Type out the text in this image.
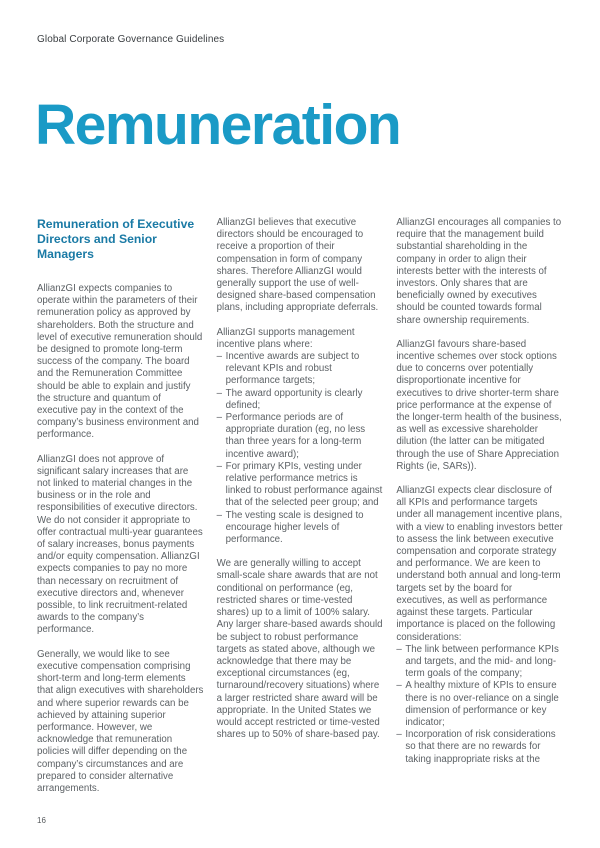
Global Corporate Governance Guidelines
Remuneration
Remuneration of Executive Directors and Senior Managers

AllianzGI expects companies to operate within the parameters of their remuneration policy as approved by shareholders. Both the structure and level of executive remuneration should be designed to promote long-term success of the company. The board and the Remuneration Committee should be able to explain and justify the structure and quantum of executive pay in the context of the company’s business environment and performance.

AllianzGI does not approve of significant salary increases that are not linked to material changes in the business or in the role and responsibilities of executive directors. We do not consider it appropriate to offer contractual multi-year guarantees of salary increases, bonus payments and/or equity compensation. AllianzGI expects companies to pay no more than necessary on recruitment of executive directors and, whenever possible, to link recruitment-related awards to the company’s performance.

Generally, we would like to see executive compensation comprising short-term and long-term elements that align executives with shareholders and where superior rewards can be achieved by attaining superior performance. However, we acknowledge that remuneration policies will differ depending on the company’s circumstances and are prepared to consider alternative arrangements.

AllianzGI believes that executive directors should be encouraged to receive a proportion of their compensation in form of company shares. Therefore AllianzGI would generally support the use of well-designed share-based compensation plans, including appropriate deferrals.

AllianzGI supports management incentive plans where:

– Incentive awards are subject to relevant KPIs and robust performance targets;
– The award opportunity is clearly defined;
– Performance periods are of appropriate duration (eg, no less than three years for a long-term incentive award);
– For primary KPIs, vesting under relative performance metrics is linked to robust performance against that of the selected peer group; and
– The vesting scale is designed to encourage higher levels of performance.

We are generally willing to accept small-scale share awards that are not conditional on performance (eg, restricted shares or time-vested shares) up to a limit of 100% salary. Any larger share-based awards should be subject to robust performance targets as stated above, although we acknowledge that there may be exceptional circumstances (eg, turnaround/recovery situations) where a larger restricted share award will be appropriate. In the United States we would accept restricted or time-vested shares up to 50% of share-based pay.

AllianzGI encourages all companies to require that the management build substantial shareholding in the company in order to align their interests better with the interests of investors. Only shares that are beneficially owned by executives should be counted towards formal share ownership requirements.

AllianzGI favours share-based incentive schemes over stock options due to concerns over potentially disproportionate incentive for executives to drive shorter-term share price performance at the expense of the longer-term health of the business, as well as excessive shareholder dilution (the latter can be mitigated through the use of Share Appreciation Rights (ie, SARs)).

AllianzGI expects clear disclosure of all KPIs and performance targets under all management incentive plans, with a view to enabling investors better to assess the link between executive compensation and corporate strategy and performance. We are keen to understand both annual and long-term targets set by the board for executives, as well as performance against these targets. Particular importance is placed on the following considerations:

– The link between performance KPIs and targets, and the mid- and long-term goals of the company;
– A healthy mixture of KPIs to ensure there is no over-reliance on a single dimension of performance or key indicator;
– Incorporation of risk considerations so that there are no rewards for taking inappropriate risks at the
16
